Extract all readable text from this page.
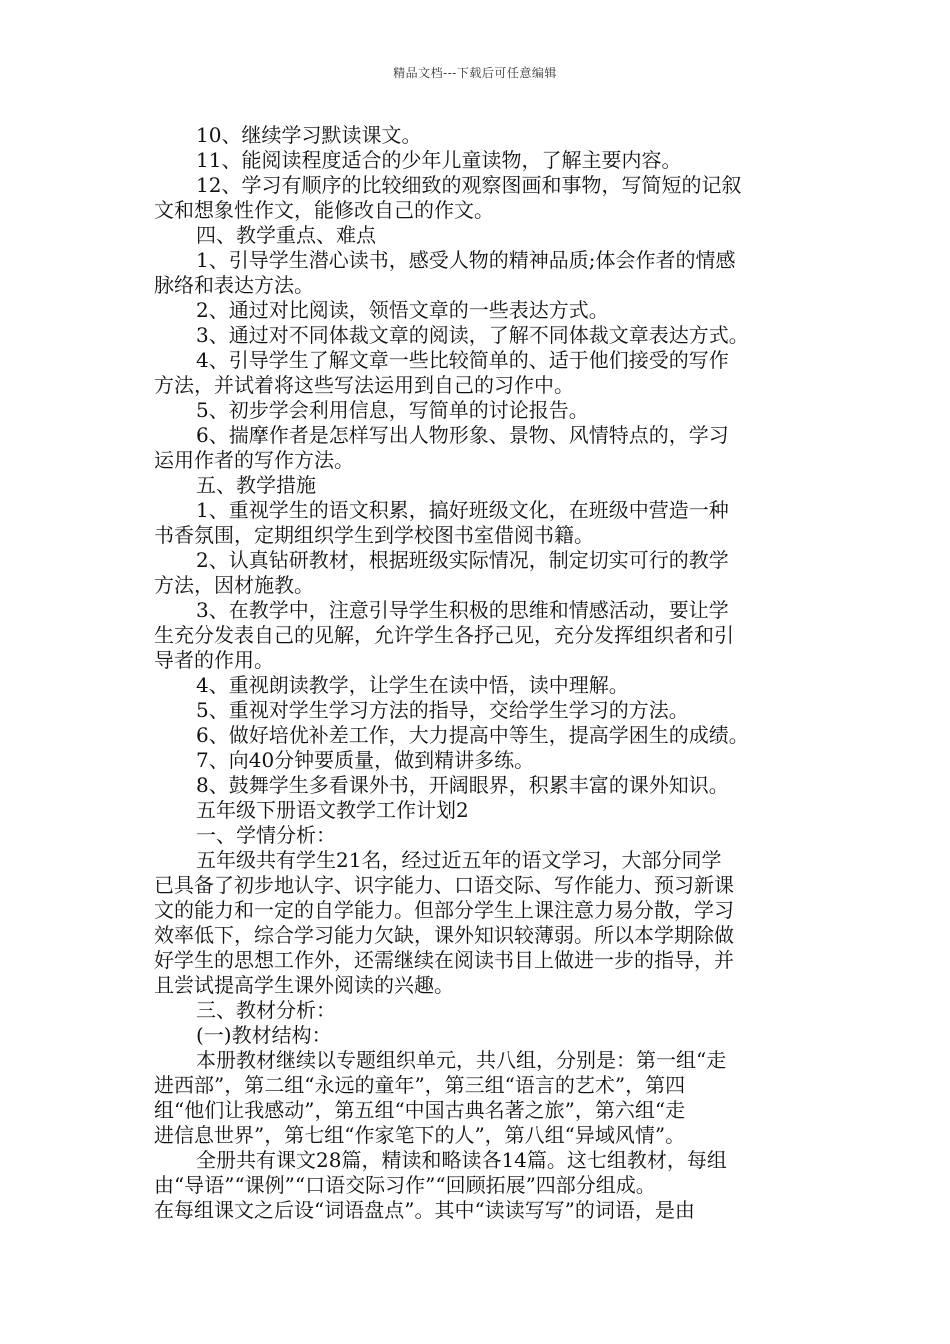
精品文档---下载后可任意编辑
10、继续学习默读课文。
11、能阅读程度适合的少年儿童读物，了解主要内容。
12、学习有顺序的比较细致的观察图画和事物，写简短的记叙
文和想象性作文，能修改自己的作文。
四、教学重点、难点
1、引导学生潜心读书，感受人物的精神品质;体会作者的情感
脉络和表达方法。
2、通过对比阅读，领悟文章的一些表达方式。
3、通过对不同体裁文章的阅读，了解不同体裁文章表达方式。
4、引导学生了解文章一些比较简单的、适于他们接受的写作
方法，并试着将这些写法运用到自己的习作中。
5、初步学会利用信息，写简单的讨论报告。
6、揣摩作者是怎样写出人物形象、景物、风情特点的，学习
运用作者的写作方法。
五、教学措施
1、重视学生的语文积累，搞好班级文化，在班级中营造一种
书香氛围，定期组织学生到学校图书室借阅书籍。
2、认真钻研教材，根据班级实际情况，制定切实可行的教学
方法，因材施教。
3、在教学中，注意引导学生积极的思维和情感活动，要让学
生充分发表自己的见解，允许学生各抒己见，充分发挥组织者和引
导者的作用。
4、重视朗读教学，让学生在读中悟，读中理解。
5、重视对学生学习方法的指导，交给学生学习的方法。
6、做好培优补差工作，大力提高中等生，提高学困生的成绩。
7、向40分钟要质量，做到精讲多练。
8、鼓舞学生多看课外书，开阔眼界，积累丰富的课外知识。
五年级下册语文教学工作计划2
一、学情分析：
五年级共有学生21名，经过近五年的语文学习，大部分同学
已具备了初步地认字、识字能力、口语交际、写作能力、预习新课
文的能力和一定的自学能力。但部分学生上课注意力易分散，学习
效率低下，综合学习能力欠缺，课外知识较薄弱。所以本学期除做
好学生的思想工作外，还需继续在阅读书目上做进一步的指导，并
且尝试提高学生课外阅读的兴趣。
三、教材分析：
(一)教材结构：
本册教材继续以专题组织单元，共八组，分别是：第一组“走
进西部”，第二组“永远的童年”，第三组“语言的艺术”，第四
组“他们让我感动”，第五组“中国古典名著之旅”，第六组“走
进信息世界”，第七组“作家笔下的人”，第八组“异域风情”。
全册共有课文28篇，精读和略读各14篇。这七组教材，每组
由“导语”“课例”“口语交际习作”“回顾拓展”四部分组成。
在每组课文之后设“词语盘点”。其中“读读写写”的词语，是由
